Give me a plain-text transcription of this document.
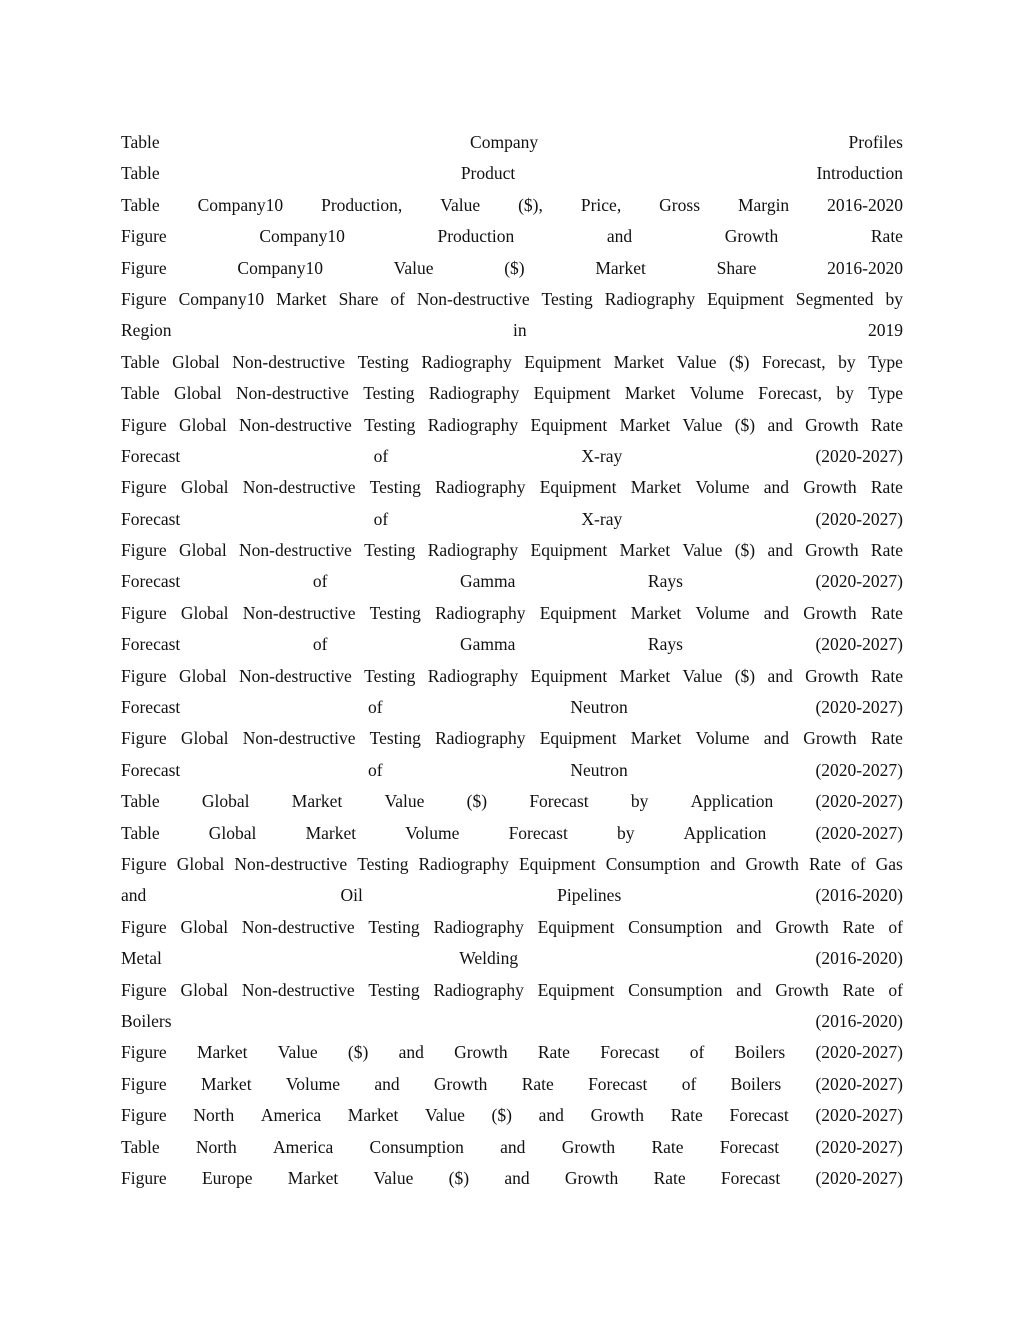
Table	Company	Profiles
Table	Product	Introduction
Table Company10 Production, Value ($), Price, Gross Margin 2016-2020
Figure	Company10	Production	and	Growth	Rate
Figure	Company10	Value	($)	Market	Share	2016-2020
Figure Company10 Market Share of Non-destructive Testing Radiography Equipment Segmented by
Region	in	2019
Table Global Non-destructive Testing Radiography Equipment Market Value ($) Forecast, by Type
Table Global Non-destructive Testing Radiography Equipment Market Volume Forecast, by Type
Figure Global Non-destructive Testing Radiography Equipment Market Value ($) and Growth Rate
Forecast	of	X-ray	(2020-2027)
Figure Global Non-destructive Testing Radiography Equipment Market Volume and Growth Rate
Forecast	of	X-ray	(2020-2027)
Figure Global Non-destructive Testing Radiography Equipment Market Value ($) and Growth Rate
Forecast	of	Gamma	Rays	(2020-2027)
Figure Global Non-destructive Testing Radiography Equipment Market Volume and Growth Rate
Forecast	of	Gamma	Rays	(2020-2027)
Figure Global Non-destructive Testing Radiography Equipment Market Value ($) and Growth Rate
Forecast	of	Neutron	(2020-2027)
Figure Global Non-destructive Testing Radiography Equipment Market Volume and Growth Rate
Forecast	of	Neutron	(2020-2027)
Table Global Market Value ($) Forecast by Application (2020-2027)
Table	Global	Market	Volume	Forecast	by	Application	(2020-2027)
Figure Global Non-destructive Testing Radiography Equipment Consumption and Growth Rate of Gas
and	Oil	Pipelines	(2016-2020)
Figure Global Non-destructive Testing Radiography Equipment Consumption and Growth Rate of
Metal	Welding	(2016-2020)
Figure Global Non-destructive Testing Radiography Equipment Consumption and Growth Rate of
Boilers	(2016-2020)
Figure Market Value ($) and Growth Rate Forecast of Boilers (2020-2027)
Figure Market Volume and Growth Rate Forecast of Boilers (2020-2027)
Figure North America Market Value ($) and Growth Rate Forecast (2020-2027)
Table North America Consumption and Growth Rate Forecast (2020-2027)
Figure Europe Market Value ($) and Growth Rate Forecast (2020-2027)
